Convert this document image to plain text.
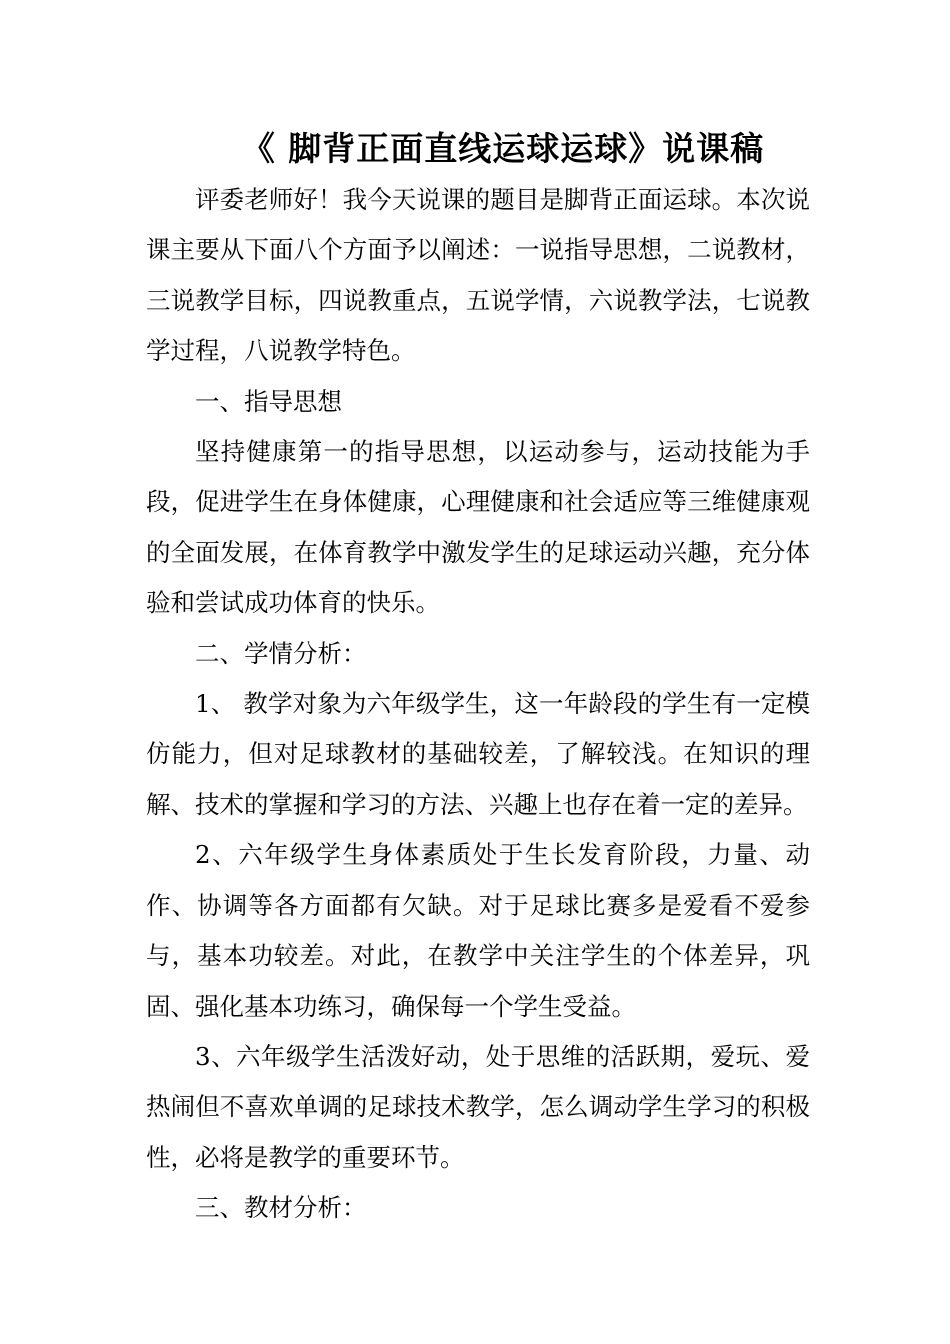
《 脚背正面直线运球运球》说课稿

评委老师好！我今天说课的题目是脚背正面运球。本次说课主要从下面八个方面予以阐述：一说指导思想，二说教材，三说教学目标，四说教重点，五说学情，六说教学法，七说教学过程，八说教学特色。

一、指导思想

坚持健康第一的指导思想，以运动参与，运动技能为手段，促进学生在身体健康，心理健康和社会适应等三维健康观的全面发展，在体育教学中激发学生的足球运动兴趣，充分体验和尝试成功体育的快乐。

二、学情分析：

1、 教学对象为六年级学生，这一年龄段的学生有一定模仿能力，但对足球教材的基础较差，了解较浅。在知识的理解、技术的掌握和学习的方法、兴趣上也存在着一定的差异。

2、六年级学生身体素质处于生长发育阶段，力量、动作、协调等各方面都有欠缺。对于足球比赛多是爱看不爱参与，基本功较差。对此，在教学中关注学生的个体差异，巩固、强化基本功练习，确保每一个学生受益。

3、六年级学生活泼好动，处于思维的活跃期，爱玩、爱热闹但不喜欢单调的足球技术教学，怎么调动学生学习的积极性，必将是教学的重要环节。

三、教材分析：
